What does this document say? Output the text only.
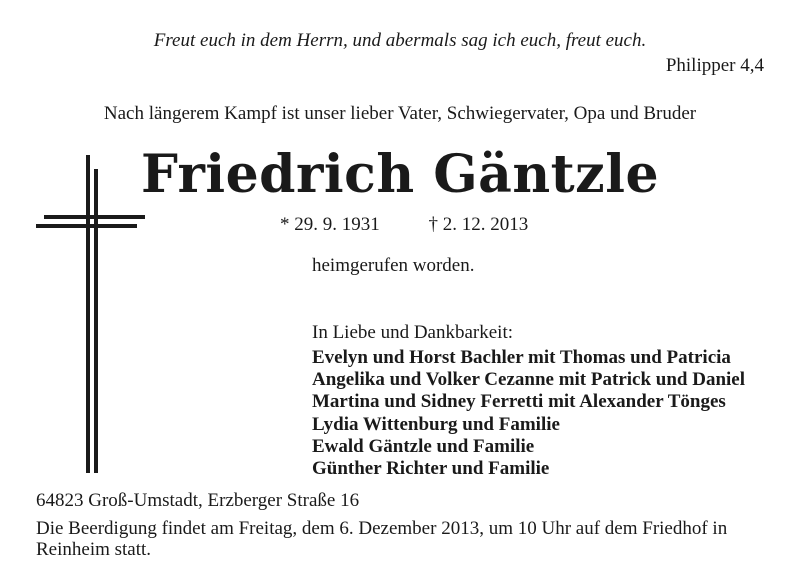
Freut euch in dem Herrn, und abermals sag ich euch, freut euch.
Philipper 4,4
Nach längerem Kampf ist unser lieber Vater, Schwiegervater, Opa und Bruder
Friedrich Gäntzle
* 29. 9. 1931	† 2. 12. 2013
heimgerufen worden.
In Liebe und Dankbarkeit:
Evelyn und Horst Bachler mit Thomas und Patricia
Angelika und Volker Cezanne mit Patrick und Daniel
Martina und Sidney Ferretti mit Alexander Tönges
Lydia Wittenburg und Familie
Ewald Gäntzle und Familie
Günther Richter und Familie
64823 Groß-Umstadt, Erzberger Straße 16
Die Beerdigung findet am Freitag, dem 6. Dezember 2013, um 10 Uhr auf dem Friedhof in Reinheim statt.
